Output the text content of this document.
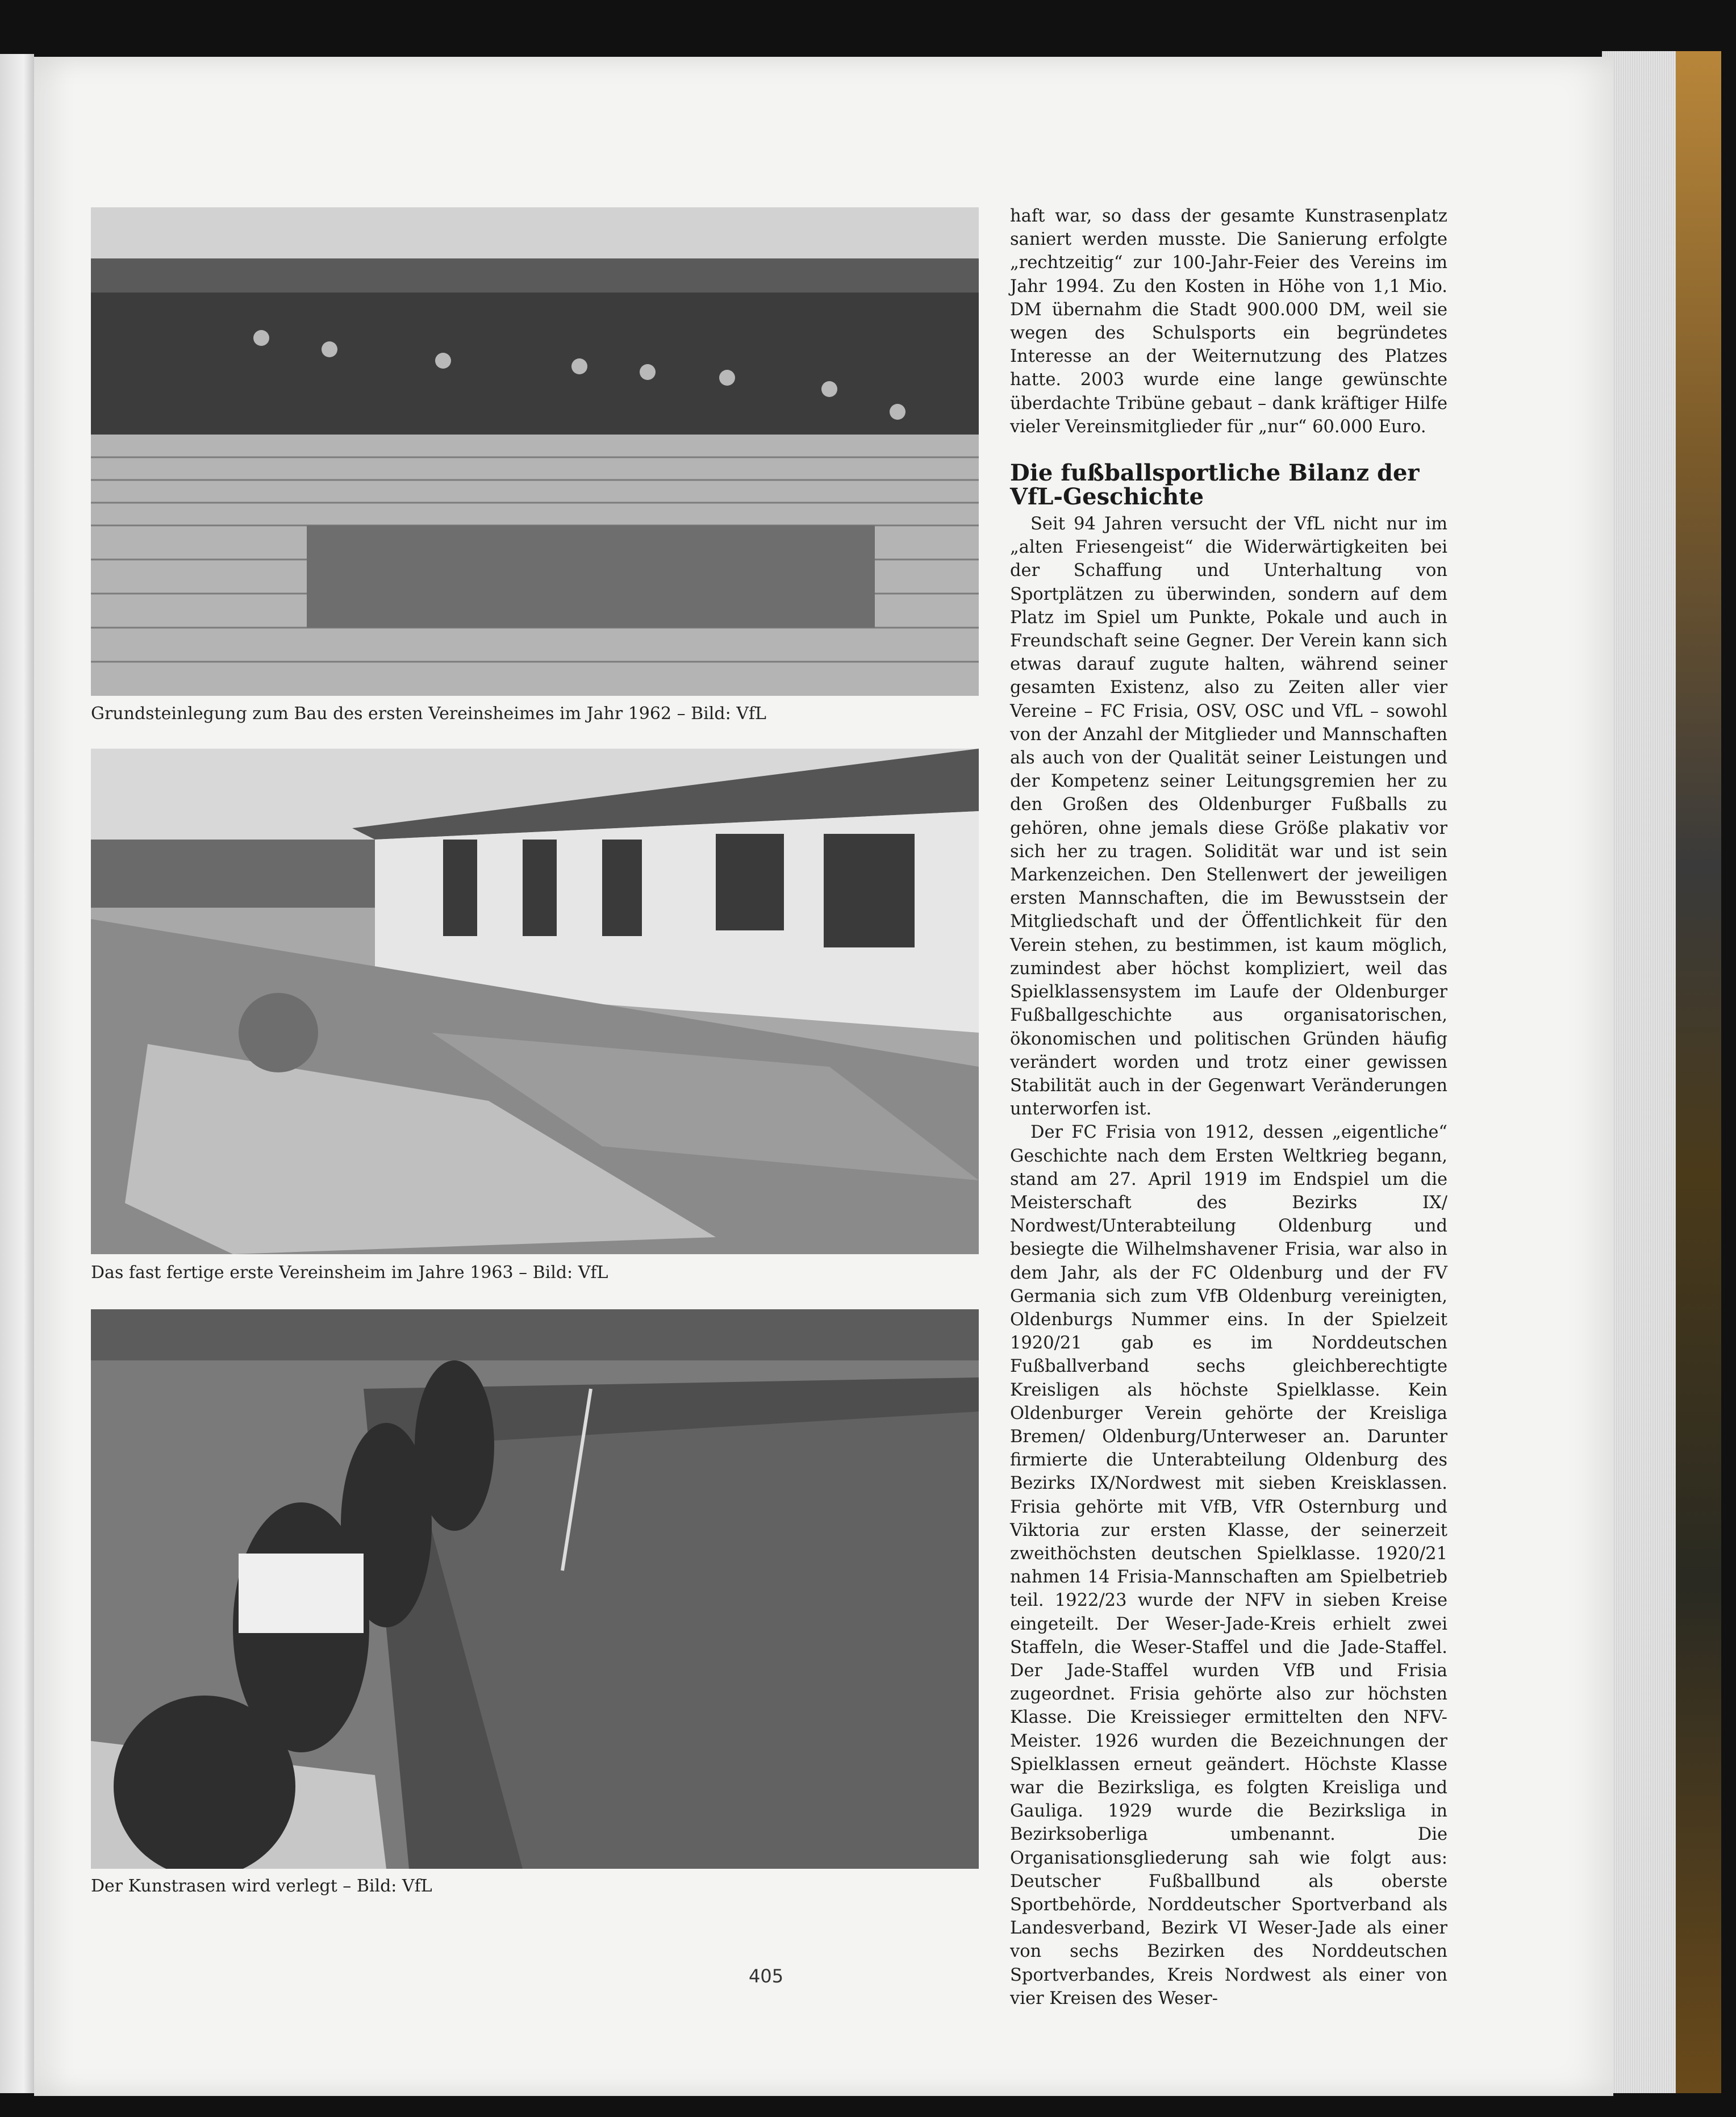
Grundsteinlegung zum Bau des ersten Vereinsheimes im Jahr 1962 – Bild: VfL
Das fast fertige erste Vereinsheim im Jahre 1963 – Bild: VfL
Der Kunstrasen wird verlegt – Bild: VfL

haft war, so dass der gesamte Kunstrasenplatz saniert werden musste. Die Sanierung erfolgte „rechtzeitig“ zur 100-Jahr-Feier des Vereins im Jahr 1994. Zu den Kosten in Höhe von 1,1 Mio. DM übernahm die Stadt 900.000 DM, weil sie wegen des Schulsports ein begründetes Interesse an der Weiternutzung des Platzes hatte. 2003 wurde eine lange gewünschte überdachte Tribüne gebaut – dank kräftiger Hilfe vieler Vereinsmitglieder für „nur“ 60.000 Euro.

Die fußballsportliche Bilanz der VfL-Geschichte

Seit 94 Jahren versucht der VfL nicht nur im „alten Friesengeist“ die Widerwärtigkeiten bei der Schaffung und Unterhaltung von Sportplätzen zu überwinden, sondern auf dem Platz im Spiel um Punkte, Pokale und auch in Freundschaft seine Gegner. Der Verein kann sich etwas darauf zugute halten, während seiner gesamten Existenz, also zu Zeiten aller vier Vereine – FC Frisia, OSV, OSC und VfL – sowohl von der Anzahl der Mitglieder und Mannschaften als auch von der Qualität seiner Leistungen und der Kompetenz seiner Leitungsgremien her zu den Großen des Oldenburger Fußballs zu gehören, ohne jemals diese Größe plakativ vor sich her zu tragen. Solidität war und ist sein Markenzeichen. Den Stellenwert der jeweiligen ersten Mannschaften, die im Bewusstsein der Mitgliedschaft und der Öffentlichkeit für den Verein stehen, zu bestimmen, ist kaum möglich, zumindest aber höchst kompliziert, weil das Spielklassensystem im Laufe der Oldenburger Fußballgeschichte aus organisatorischen, ökonomischen und politischen Gründen häufig verändert worden und trotz einer gewissen Stabilität auch in der Gegenwart Veränderungen unterworfen ist.

Der FC Frisia von 1912, dessen „eigentliche“ Geschichte nach dem Ersten Weltkrieg begann, stand am 27. April 1919 im Endspiel um die Meisterschaft des Bezirks IX/ Nordwest/Unterabteilung Oldenburg und besiegte die Wilhelmshavener Frisia, war also in dem Jahr, als der FC Oldenburg und der FV Germania sich zum VfB Oldenburg vereinigten, Oldenburgs Nummer eins. In der Spielzeit 1920/21 gab es im Norddeutschen Fußballverband sechs gleichberechtigte Kreisligen als höchste Spielklasse. Kein Oldenburger Verein gehörte der Kreisliga Bremen/ Oldenburg/Unterweser an. Darunter firmierte die Unterabteilung Oldenburg des Bezirks IX/Nordwest mit sieben Kreisklassen. Frisia gehörte mit VfB, VfR Osternburg und Viktoria zur ersten Klasse, der seinerzeit zweithöchsten deutschen Spielklasse. 1920/21 nahmen 14 Frisia-Mannschaften am Spielbetrieb teil. 1922/23 wurde der NFV in sieben Kreise eingeteilt. Der Weser-Jade-Kreis erhielt zwei Staffeln, die Weser-Staffel und die Jade-Staffel. Der Jade-Staffel wurden VfB und Frisia zugeordnet. Frisia gehörte also zur höchsten Klasse. Die Kreissieger ermittelten den NFV-Meister. 1926 wurden die Bezeichnungen der Spielklassen erneut geändert. Höchste Klasse war die Bezirksliga, es folgten Kreisliga und Gauliga. 1929 wurde die Bezirksliga in Bezirksoberliga umbenannt. Die Organisationsgliederung sah wie folgt aus: Deutscher Fußballbund als oberste Sportbehörde, Norddeutscher Sportverband als Landesverband, Bezirk VI Weser-Jade als einer von sechs Bezirken des Norddeutschen Sportverbandes, Kreis Nordwest als einer von vier Kreisen des Weser-

405
